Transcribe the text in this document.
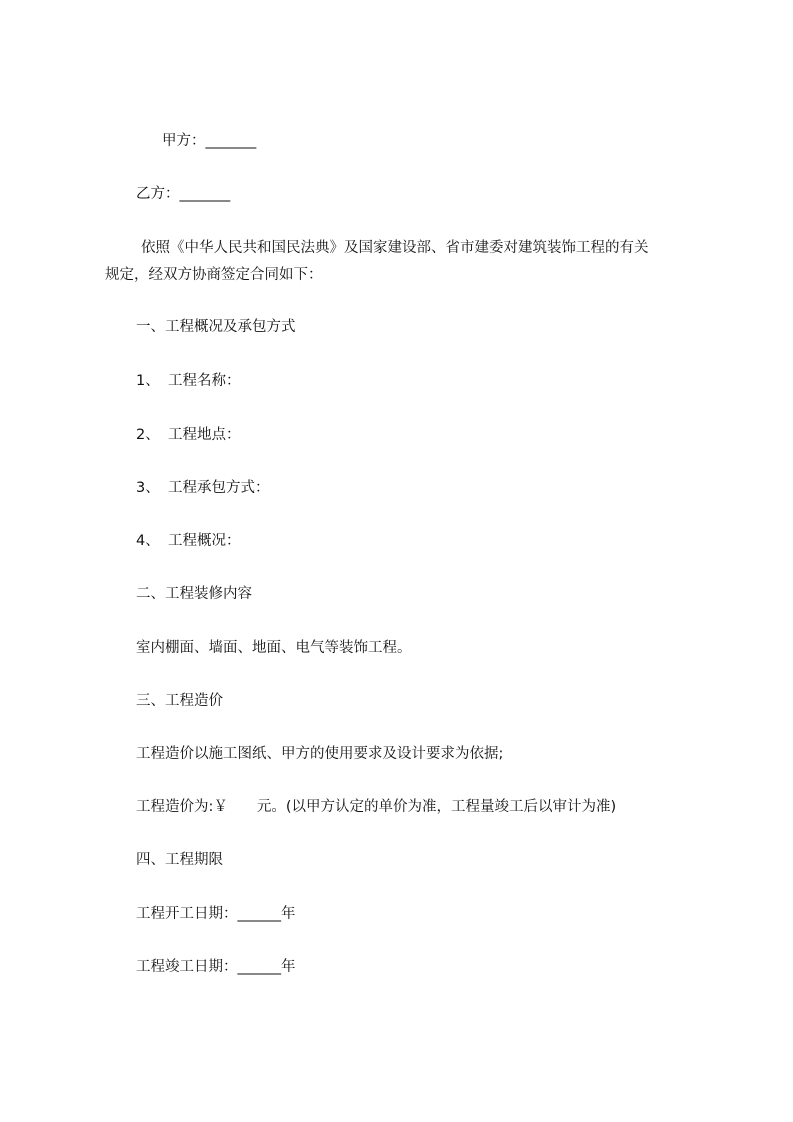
甲方：_______
乙方：_______
依照《中华人民共和国民法典》及国家建设部、省市建委对建筑装饰工程的有关
规定，经双方协商签定合同如下：
一、工程概况及承包方式
1、 工程名称：
2、 工程地点：
3、 工程承包方式：
4、 工程概况：
二、工程装修内容
室内棚面、墙面、地面、电气等装饰工程。
三、工程造价
工程造价以施工图纸、甲方的使用要求及设计要求为依据;
工程造价为:￥　　元。(以甲方认定的单价为准，工程量竣工后以审计为准)
四、工程期限
工程开工日期：______年
工程竣工日期：______年
